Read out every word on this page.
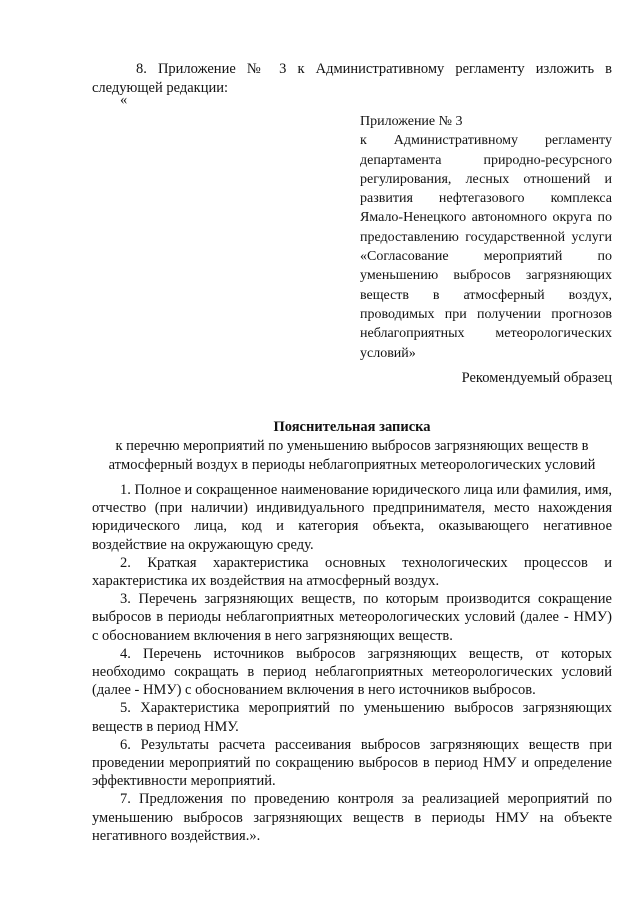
8. Приложение № 3 к Административному регламенту изложить в следующей редакции:

«

Приложение № 3

к Административному регламенту департамента природно-ресурсного регулирования, лесных отношений и развития нефтегазового комплекса Ямало-Ненецкого автономного округа по предоставлению государственной услуги «Согласование мероприятий по уменьшению выбросов загрязняющих веществ в атмосферный воздух, проводимых при получении прогнозов неблагоприятных метеорологических условий»

Рекомендуемый образец

Пояснительная записка

к перечню мероприятий по уменьшению выбросов загрязняющих веществ в атмосферный воздух в периоды неблагоприятных метеорологических условий

1. Полное и сокращенное наименование юридического лица или фамилия, имя, отчество (при наличии) индивидуального предпринимателя, место нахождения юридического лица, код и категория объекта, оказывающего негативное воздействие на окружающую среду.

2. Краткая характеристика основных технологических процессов и характеристика их воздействия на атмосферный воздух.

3. Перечень загрязняющих веществ, по которым производится сокращение выбросов в периоды неблагоприятных метеорологических условий (далее - НМУ) с обоснованием включения в него загрязняющих веществ.

4. Перечень источников выбросов загрязняющих веществ, от которых необходимо сокращать в период неблагоприятных метеорологических условий (далее - НМУ) с обоснованием включения в него источников выбросов.

5. Характеристика мероприятий по уменьшению выбросов загрязняющих веществ в период НМУ.

6. Результаты расчета рассеивания выбросов загрязняющих веществ при проведении мероприятий по сокращению выбросов в период НМУ и определение эффективности мероприятий.

7. Предложения по проведению контроля за реализацией мероприятий по уменьшению выбросов загрязняющих веществ в периоды НМУ на объекте негативного воздействия.».
